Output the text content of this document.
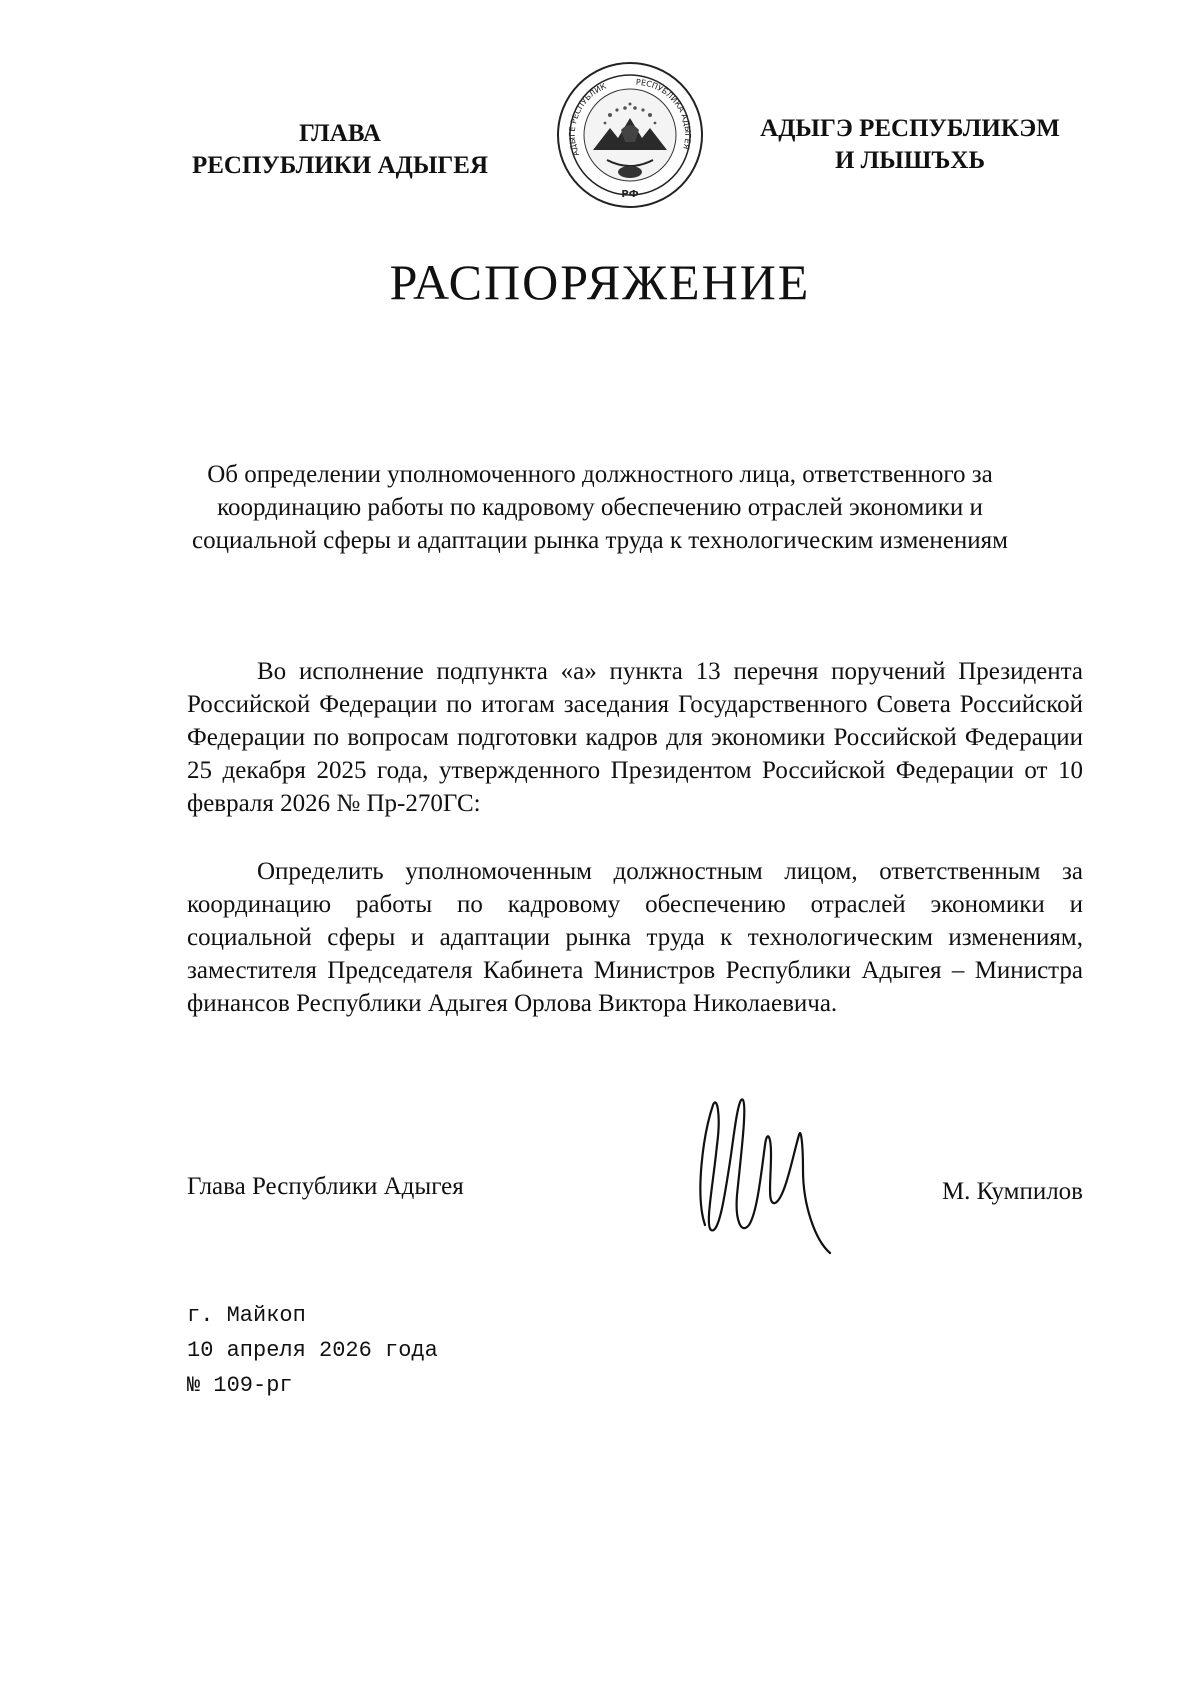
ГЛАВА
РЕСПУБЛИКИ АДЫГЕЯ	АДЫГЕ РЕСПУБЛИК	РЕСПУБЛИКА АДЫГЕЯ
РФ
АДЫГЭ РЕСПУБЛИКЭМ
И ЛЫШЪХЬ
РАСПОРЯЖЕНИЕ
Об определении уполномоченного должностного лица, ответственного за координацию работы по кадровому обеспечению отраслей экономики и социальной сферы и адаптации рынка труда к технологическим изменениям
Во исполнение подпункта «а» пункта 13 перечня поручений Президента Российской Федерации по итогам заседания Государственного Совета Российской Федерации по вопросам подготовки кадров для экономики Российской Федерации 25 декабря 2025 года, утвержденного Президентом Российской Федерации от 10 февраля 2026 № Пр-270ГС:
Определить уполномоченным должностным лицом, ответственным за координацию работы по кадровому обеспечению отраслей экономики и социальной сферы и адаптации рынка труда к технологическим изменениям, заместителя Председателя Кабинета Министров Республики Адыгея – Министра финансов Республики Адыгея Орлова Виктора Николаевича.
Глава Республики Адыгея	М. Кумпилов
г. Майкоп
10 апреля 2026 года
№ 109-рг
